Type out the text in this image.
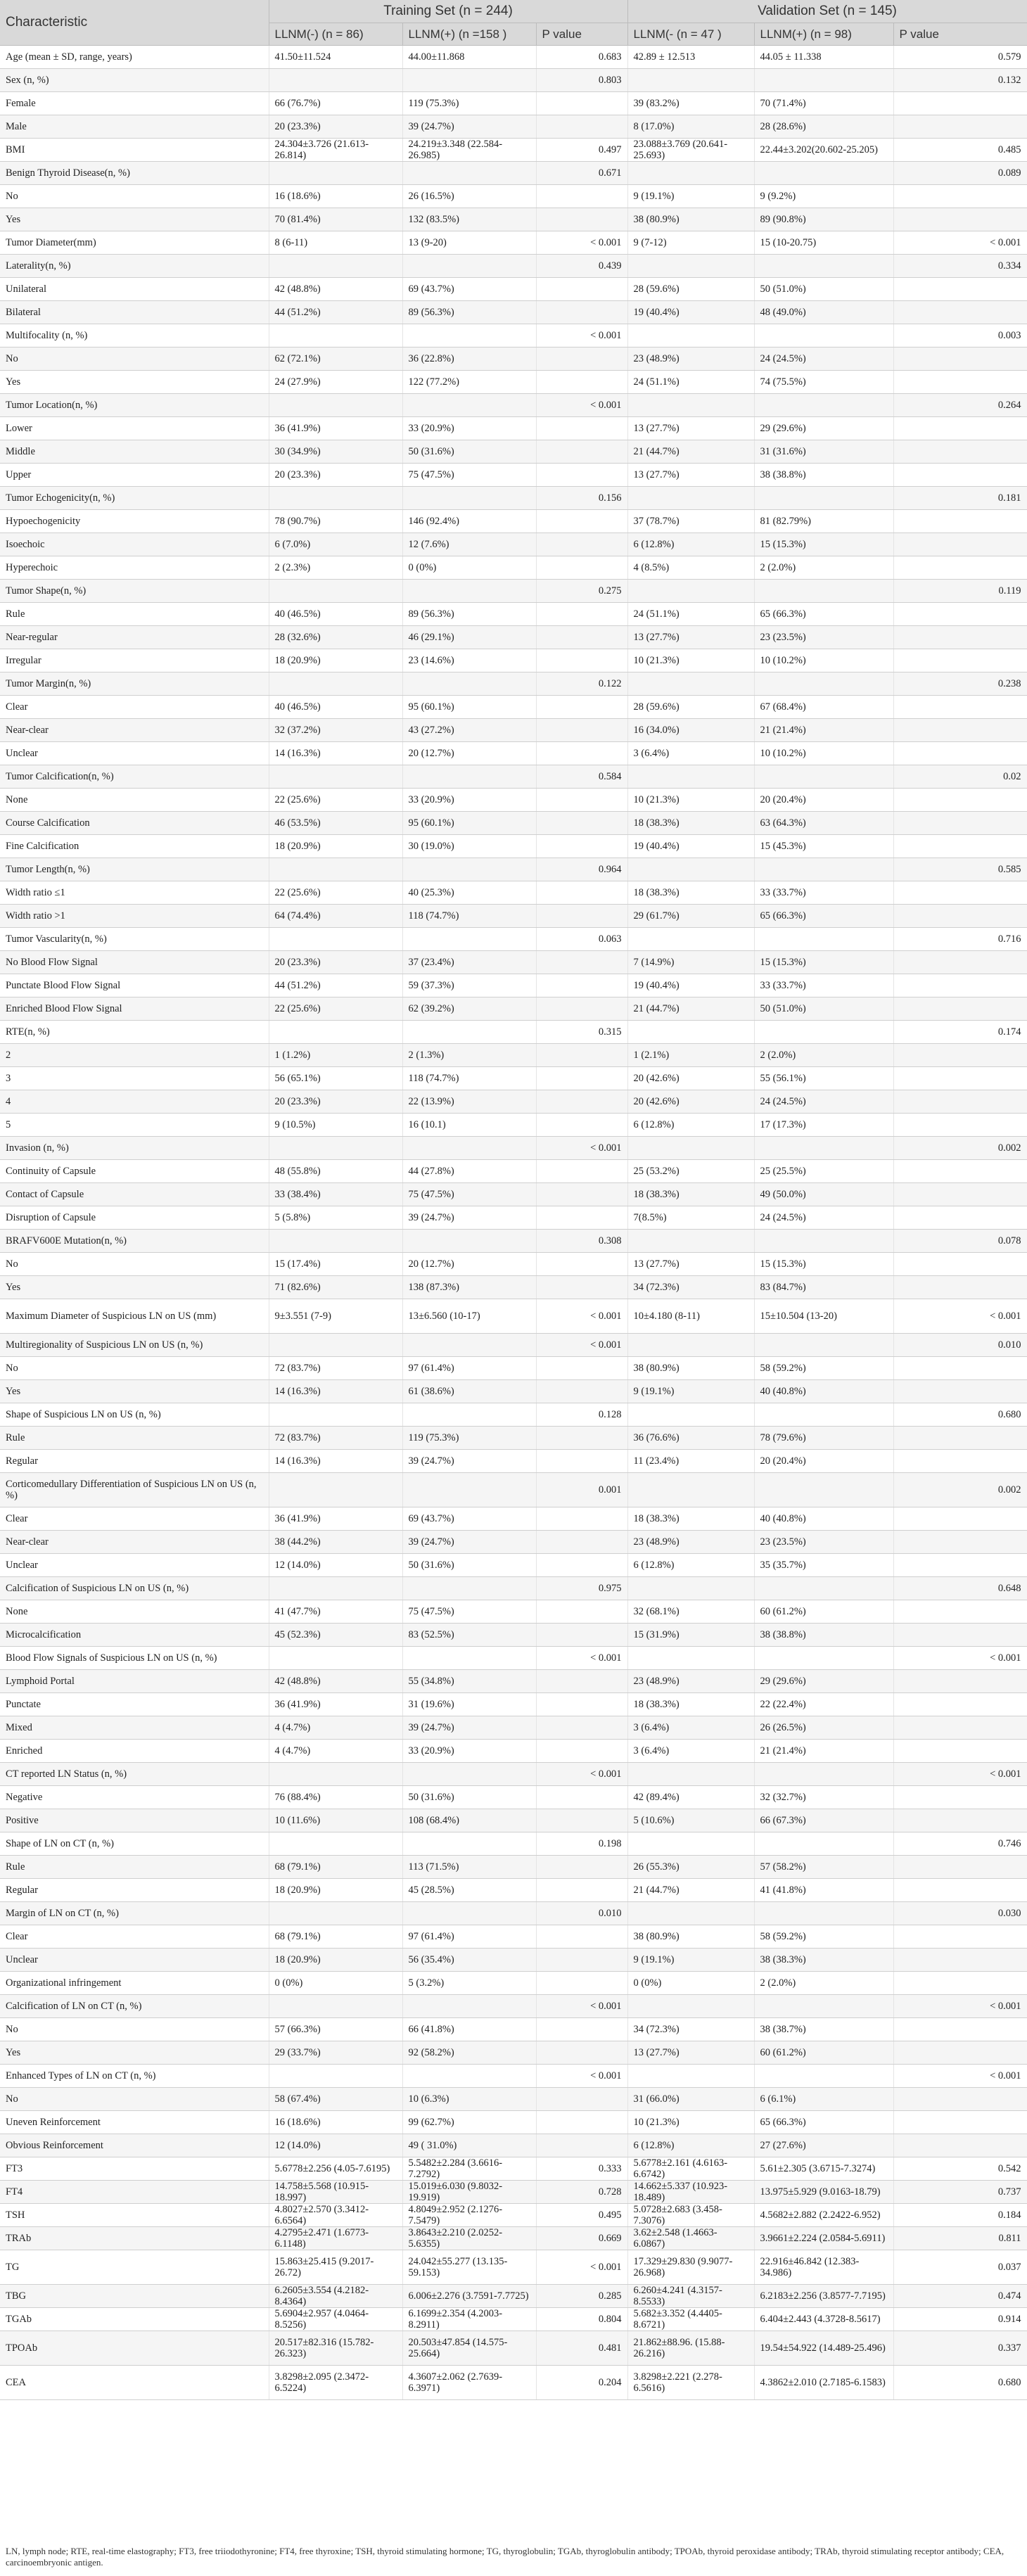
Characteristic	Training Set (n = 244)			Validation Set (n = 145)		
	LLNM(-) (n = 86)	LLNM(+) (n =158 )	P value	LLNM(- (n = 47 )	LLNM(+) (n = 98)	P value
Age (mean ± SD, range, years)	41.50±11.524	44.00±11.868	0.683	42.89 ± 12.513	44.05 ± 11.338	0.579
Sex (n, %)			0.803			0.132
Female	66 (76.7%)	119 (75.3%)		39 (83.2%)	70 (71.4%)	
Male	20 (23.3%)	39 (24.7%)		8 (17.0%)	28 (28.6%)	
BMI	24.304±3.726 (21.613-26.814)	24.219±3.348 (22.584-26.985)	0.497	23.088±3.769 (20.641-25.693)	22.44±3.202(20.602-25.205)	0.485
Benign Thyroid Disease(n, %)			0.671			0.089
No	16 (18.6%)	26 (16.5%)		9 (19.1%)	9 (9.2%)	
Yes	70 (81.4%)	132 (83.5%)		38 (80.9%)	89 (90.8%)	
Tumor Diameter(mm)	8 (6-11)	13 (9-20)	< 0.001	9 (7-12)	15 (10-20.75)	< 0.001
Laterality(n, %)			0.439			0.334
Unilateral	42 (48.8%)	69 (43.7%)		28 (59.6%)	50 (51.0%)	
Bilateral	44 (51.2%)	89 (56.3%)		19 (40.4%)	48 (49.0%)	
Multifocality (n, %)			< 0.001			0.003
No	62 (72.1%)	36 (22.8%)		23 (48.9%)	24 (24.5%)	
Yes	24 (27.9%)	122 (77.2%)		24 (51.1%)	74 (75.5%)	
Tumor Location(n, %)			< 0.001			0.264
Lower	36 (41.9%)	33 (20.9%)		13 (27.7%)	29 (29.6%)	
Middle	30 (34.9%)	50 (31.6%)		21 (44.7%)	31 (31.6%)	
Upper	20 (23.3%)	75 (47.5%)		13 (27.7%)	38 (38.8%)	
Tumor Echogenicity(n, %)			0.156			0.181
Hypoechogenicity	78 (90.7%)	146 (92.4%)		37 (78.7%)	81 (82.79%)	
Isoechoic	6 (7.0%)	12 (7.6%)		6 (12.8%)	15 (15.3%)	
Hyperechoic	2 (2.3%)	0 (0%)		4 (8.5%)	2 (2.0%)	
Tumor Shape(n, %)			0.275			0.119
Rule	40 (46.5%)	89 (56.3%)		24 (51.1%)	65 (66.3%)	
Near-regular	28 (32.6%)	46 (29.1%)		13 (27.7%)	23 (23.5%)	
Irregular	18 (20.9%)	23 (14.6%)		10 (21.3%)	10 (10.2%)	
Tumor Margin(n, %)			0.122			0.238
Clear	40 (46.5%)	95 (60.1%)		28 (59.6%)	67 (68.4%)	
Near-clear	32 (37.2%)	43 (27.2%)		16 (34.0%)	21 (21.4%)	
Unclear	14 (16.3%)	20 (12.7%)		3 (6.4%)	10 (10.2%)	
Tumor Calcification(n, %)			0.584			0.02
None	22 (25.6%)	33 (20.9%)		10 (21.3%)	20 (20.4%)	
Course Calcification	46 (53.5%)	95 (60.1%)		18 (38.3%)	63 (64.3%)	
Fine Calcification	18 (20.9%)	30 (19.0%)		19 (40.4%)	15 (45.3%)	
Tumor Length(n, %)			0.964			0.585
Width ratio ≤1	22 (25.6%)	40 (25.3%)		18 (38.3%)	33 (33.7%)	
Width ratio >1	64 (74.4%)	118 (74.7%)		29 (61.7%)	65 (66.3%)	
Tumor Vascularity(n, %)			0.063			0.716
No Blood Flow Signal	20 (23.3%)	37 (23.4%)		7 (14.9%)	15 (15.3%)	
Punctate Blood Flow Signal	44 (51.2%)	59 (37.3%)		19 (40.4%)	33 (33.7%)	
Enriched Blood Flow Signal	22 (25.6%)	62 (39.2%)		21 (44.7%)	50 (51.0%)	
RTE(n, %)			0.315			0.174
2	1 (1.2%)	2 (1.3%)		1 (2.1%)	2 (2.0%)	
3	56 (65.1%)	118 (74.7%)		20 (42.6%)	55 (56.1%)	
4	20 (23.3%)	22 (13.9%)		20 (42.6%)	24 (24.5%)	
5	9 (10.5%)	16 (10.1)		6 (12.8%)	17 (17.3%)	
Invasion (n, %)			< 0.001			0.002
Continuity of Capsule	48 (55.8%)	44 (27.8%)		25 (53.2%)	25 (25.5%)	
Contact of Capsule	33 (38.4%)	75 (47.5%)		18 (38.3%)	49 (50.0%)	
Disruption of Capsule	5 (5.8%)	39 (24.7%)		7(8.5%)	24 (24.5%)	
BRAFV600E Mutation(n, %)			0.308			0.078
No	15 (17.4%)	20 (12.7%)		13 (27.7%)	15 (15.3%)	
Yes	71 (82.6%)	138 (87.3%)		34 (72.3%)	83 (84.7%)	
Maximum Diameter of Suspicious LN on US (mm)	9±3.551 (7-9)	13±6.560 (10-17)	< 0.001	10±4.180 (8-11)	15±10.504 (13-20)	< 0.001
Multiregionality of Suspicious LN on US (n, %)			< 0.001			0.010
No	72 (83.7%)	97 (61.4%)		38 (80.9%)	58 (59.2%)	
Yes	14 (16.3%)	61 (38.6%)		9 (19.1%)	40 (40.8%)	
Shape of Suspicious LN on US (n, %)			0.128			0.680
Rule	72 (83.7%)	119 (75.3%)		36 (76.6%)	78 (79.6%)	
Regular	14 (16.3%)	39 (24.7%)		11 (23.4%)	20 (20.4%)	
Corticomedullary Differentiation of Suspicious LN on US (n, %)			0.001			0.002
Clear	36 (41.9%)	69 (43.7%)		18 (38.3%)	40 (40.8%)	
Near-clear	38 (44.2%)	39 (24.7%)		23 (48.9%)	23 (23.5%)	
Unclear	12 (14.0%)	50 (31.6%)		6 (12.8%)	35 (35.7%)	
Calcification of Suspicious LN on US (n, %)			0.975			0.648
None	41 (47.7%)	75 (47.5%)		32 (68.1%)	60 (61.2%)	
Microcalcification	45 (52.3%)	83 (52.5%)		15 (31.9%)	38 (38.8%)	
Blood Flow Signals of Suspicious LN on US (n, %)			< 0.001			< 0.001
Lymphoid Portal	42 (48.8%)	55 (34.8%)		23 (48.9%)	29 (29.6%)	
Punctate	36 (41.9%)	31 (19.6%)		18 (38.3%)	22 (22.4%)	
Mixed	4 (4.7%)	39 (24.7%)		3 (6.4%)	26 (26.5%)	
Enriched	4 (4.7%)	33 (20.9%)		3 (6.4%)	21 (21.4%)	
CT reported LN Status (n, %)			< 0.001			< 0.001
Negative	76 (88.4%)	50 (31.6%)		42 (89.4%)	32 (32.7%)	
Positive	10 (11.6%)	108 (68.4%)		5 (10.6%)	66 (67.3%)	
Shape of LN on CT (n, %)			0.198			0.746
Rule	68 (79.1%)	113 (71.5%)		26 (55.3%)	57 (58.2%)	
Regular	18 (20.9%)	45 (28.5%)		21 (44.7%)	41 (41.8%)	
Margin of LN on CT (n, %)			0.010			0.030
Clear	68 (79.1%)	97 (61.4%)		38 (80.9%)	58 (59.2%)	
Unclear	18 (20.9%)	56 (35.4%)		9 (19.1%)	38 (38.3%)	
Organizational infringement	0 (0%)	5 (3.2%)		0 (0%)	2 (2.0%)	
Calcification of LN on CT (n, %)			< 0.001			< 0.001
No	57 (66.3%)	66 (41.8%)		34 (72.3%)	38 (38.7%)	
Yes	29 (33.7%)	92 (58.2%)		13 (27.7%)	60 (61.2%)	
Enhanced Types of LN on CT (n, %)			< 0.001			< 0.001
No	58 (67.4%)	10 (6.3%)		31 (66.0%)	6 (6.1%)	
Uneven Reinforcement	16 (18.6%)	99 (62.7%)		10 (21.3%)	65 (66.3%)	
Obvious Reinforcement	12 (14.0%)	49 ( 31.0%)		6 (12.8%)	27 (27.6%)	
FT3	5.6778±2.256 (4.05-7.6195)	5.5482±2.284 (3.6616-7.2792)	0.333	5.6778±2.161 (4.6163-6.6742)	5.61±2.305 (3.6715-7.3274)	0.542
FT4	14.758±5.568 (10.915-18.997)	15.019±6.030 (9.8032-19.919)	0.728	14.662±5.337 (10.923-18.489)	13.975±5.929 (9.0163-18.79)	0.737
TSH	4.8027±2.570 (3.3412-6.6564)	4.8049±2.952 (2.1276-7.5479)	0.495	5.0728±2.683 (3.458-7.3076)	4.5682±2.882 (2.2422-6.952)	0.184
TRAb	4.2795±2.471 (1.6773-6.1148)	3.8643±2.210 (2.0252-5.6355)	0.669	3.62±2.548 (1.4663- 6.0867)	3.9661±2.224 (2.0584-5.6911)	0.811
TG	15.863±25.415 (9.2017-26.72)	24.042±55.277 (13.135-59.153)	< 0.001	17.329±29.830 (9.9077-26.968)	22.916±46.842 (12.383-34.986)	0.037
TBG	6.2605±3.554 (4.2182-8.4364)	6.006±2.276 (3.7591-7.7725)	0.285	6.260±4.241 (4.3157- 8.5533)	6.2183±2.256 (3.8577-7.7195)	0.474
TGAb	5.6904±2.957 (4.0464-8.5256)	6.1699±2.354 (4.2003-8.2911)	0.804	5.682±3.352 (4.4405-8.6721)	6.404±2.443 (4.3728-8.5617)	0.914
TPOAb	20.517±82.316 (15.782-26.323)	20.503±47.854 (14.575-25.664)	0.481	21.862±88.96. (15.88-26.216)	19.54±54.922 (14.489-25.496)	0.337
CEA	3.8298±2.095 (2.3472-6.5224)	4.3607±2.062 (2.7639-6.3971)	0.204	3.8298±2.221 (2.278-6.5616)	4.3862±2.010 (2.7185-6.1583)	0.680
LN, lymph node; RTE, real-time elastography; FT3, free triiodothyronine; FT4, free thyroxine; TSH, thyroid stimulating hormone; TG, thyroglobulin; TGAb, thyroglobulin antibody; TPOAb, thyroid peroxidase antibody; TRAb, thyroid stimulating receptor antibody; CEA, carcinoembryonic antigen.
